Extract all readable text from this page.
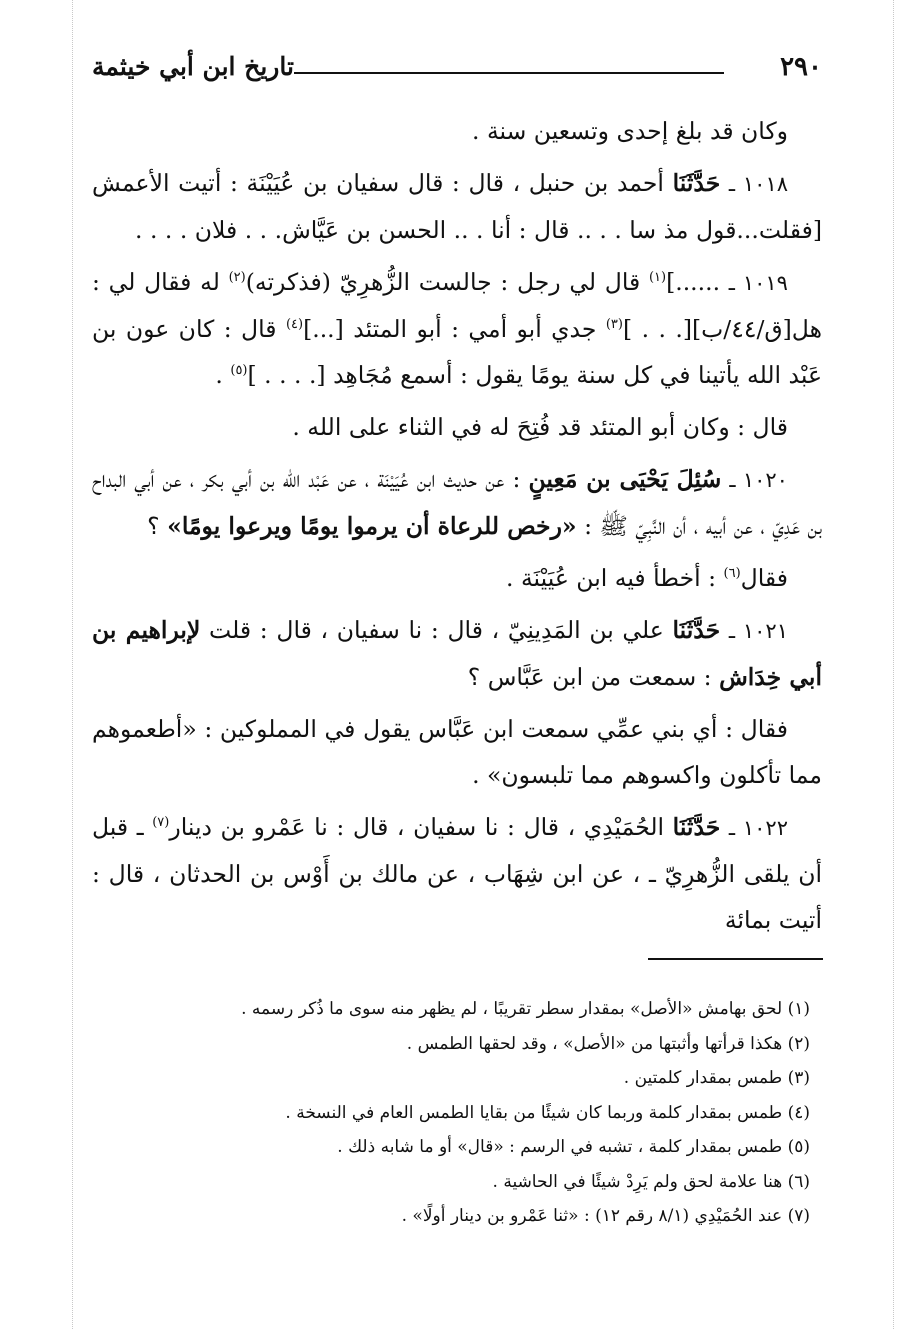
تاريخ ابن أبي خيثمة	٢٩٠

وكان قد بلغ إحدى وتسعين سنة .

١٠١٨ ـ حَدَّثَنَا أحمد بن حنبل ، قال : قال سفيان بن عُيَيْنَة : أتيت الأعمش [فقلت...قول مذ سا . . .. قال : أنا . .. الحسن بن عَيَّاش. . . فلان . . . .

١٠١٩ ـ ......]$^{(١)}$ قال لي رجل : جالست الزُّهرِيّ (فذكرته)$^{(٢)}$ له فقال لي : هل[ق/٤٤/ب][. . . ]$^{(٣)}$ جدي أبو أمي : أبو المتئد [...]$^{(٤)}$ قال : كان عون بن عَبْد الله يأتينا في كل سنة يومًا يقول : أسمع مُجَاهِد [. . . . ]$^{(٥)}$ .

قال : وكان أبو المتئد قد فُتِحَ له في الثناء على الله .

١٠٢٠ ـ سُئِلَ يَحْيَى بن مَعِينٍ : عن حديث ابن عُيَيْنَة ، عن عَبْد الله بن أبي بكر ، عن أبي البداح بن عَدِيّ ، عن أبيه ، أن النَّبِيّ ﷺ : «رخص للرعاة أن يرموا يومًا ويرعوا يومًا» ؟

فقال$^{(٦)}$ : أخطأ فيه ابن عُيَيْنَة .

١٠٢١ ـ حَدَّثَنَا علي بن المَدِينِيّ ، قال : نا سفيان ، قال : قلت لإبراهيم بن أبي خِدَاش : سمعت من ابن عَبَّاس ؟

فقال : أي بني عمِّي سمعت ابن عَبَّاس يقول في المملوكين : «أطعموهم مما تأكلون واكسوهم مما تلبسون» .

١٠٢٢ ـ حَدَّثَنَا الحُمَيْدِي ، قال : نا سفيان ، قال : نا عَمْرو بن دينار$^{(٧)}$ ـ قبل أن يلقى الزُّهرِيّ ـ ، عن ابن شِهَاب ، عن مالك بن أَوْس بن الحدثان ، قال : أتيت بمائة

(١) لحق بهامش «الأصل» بمقدار سطر تقريبًا ، لم يظهر منه سوى ما ذُكر رسمه .
(٢) هكذا قرأتها وأثبتها من «الأصل» ، وقد لحقها الطمس .
(٣) طمس بمقدار كلمتين .
(٤) طمس بمقدار كلمة وربما كان شيئًا من بقايا الطمس العام في النسخة .
(٥) طمس بمقدار كلمة ، تشبه في الرسم : «قال» أو ما شابه ذلك .
(٦) هنا علامة لحق ولم يَرِدْ شيئًا في الحاشية .
(٧) عند الحُمَيْدِي (٨/١ رقم ١٢) : «ثنا عَمْرو بن دينار أولًا» .
